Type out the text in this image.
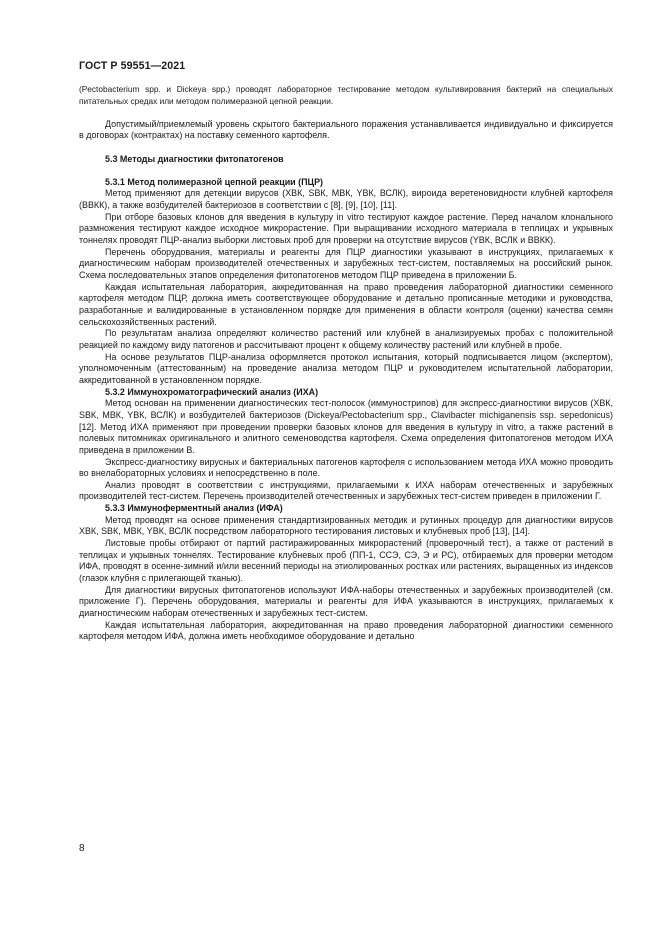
ГОСТ Р 59551—2021

(Pectobacterium spp. и Dickeya spp.) проводят лабораторное тестирование методом культивирования бактерий на специальных питательных средах или методом полимеразной цепной реакции.

Допустимый/приемлемый уровень скрытого бактериального поражения устанавливается индивидуально и фиксируется в договорах (контрактах) на поставку семенного картофеля.

5.3 Методы диагностики фитопатогенов

5.3.1 Метод полимеразной цепной реакции (ПЦР)

Метод применяют для детекции вирусов (ХВК, SВК, МВК, YВК, ВСЛК), вироида веретеновидности клубней картофеля (ВВКК), а также возбудителей бактериозов в соответствии с [8], [9], [10], [11].

При отборе базовых клонов для введения в культуру in vitro тестируют каждое растение. Перед началом клонального размножения тестируют каждое исходное микрорастение. При выращивании исходного материала в теплицах и укрывных тоннелях проводят ПЦР-анализ выборки листовых проб для проверки на отсутствие вирусов (YВК, ВСЛК и ВВКК).

Перечень оборудования, материалы и реагенты для ПЦР диагностики указывают в инструкциях, прилагаемых к диагностическим наборам производителей отечественных и зарубежных тест-систем, поставляемых на российский рынок. Схема последовательных этапов определения фитопатогенов методом ПЦР приведена в приложении Б.

Каждая испытательная лаборатория, аккредитованная на право проведения лабораторной диагностики семенного картофеля методом ПЦР, должна иметь соответствующее оборудование и детально прописанные методики и руководства, разработанные и валидированные в установленном порядке для применения в области контроля (оценки) качества семян сельскохозяйственных растений.

По результатам анализа определяют количество растений или клубней в анализируемых пробах с положительной реакцией по каждому виду патогенов и рассчитывают процент к общему количеству растений или клубней в пробе.

На основе результатов ПЦР-анализа оформляется протокол испытания, который подписывается лицом (экспертом), уполномоченным (аттестованным) на проведение анализа методом ПЦР и руководителем испытательной лаборатории, аккредитованной в установленном порядке.

5.3.2 Иммунохроматографический анализ (ИХА)

Метод основан на применении диагностических тест-полосок (иммунострипов) для экспресс-диагностики вирусов (ХВК, SВК, МВК, YВК, ВСЛК) и возбудителей бактериозов (Dickeya/Pectobacterium spp., Clavibacter michiganensis ssp. sepedonicus) [12]. Метод ИХА применяют при проведении проверки базовых клонов для введения в культуру in vitro, а также растений в полевых питомниках оригинального и элитного семеноводства картофеля. Схема определения фитопатогенов методом ИХА приведена в приложении В.

Экспресс-диагностику вирусных и бактериальных патогенов картофеля с использованием метода ИХА можно проводить во внелабораторных условиях и непосредственно в поле.

Анализ проводят в соответствии с инструкциями, прилагаемыми к ИХА наборам отечественных и зарубежных производителей тест-систем. Перечень производителей отечественных и зарубежных тест-систем приведен в приложении Г.

5.3.3 Иммуноферментный анализ (ИФА)

Метод проводят на основе применения стандартизированных методик и рутинных процедур для диагностики вирусов ХВК, SВК, МВК, YВК, ВСЛК посредством лабораторного тестирования листовых и клубневых проб [13], [14].

Листовые пробы отбирают от партий растиражированных микрорастений (проверочный тест), а также от растений в теплицах и укрывных тоннелях. Тестирование клубневых проб (ПП-1, ССЭ, СЭ, Э и РС), отбираемых для проверки методом ИФА, проводят в осенне-зимний и/или весенний периоды на этиолированных ростках или растениях, выращенных из индексов (глазок клубня с прилегающей тканью).

Для диагностики вирусных фитопатогенов используют ИФА-наборы отечественных и зарубежных производителей (см. приложение Г). Перечень оборудования, материалы и реагенты для ИФА указываются в инструкциях, прилагаемых к диагностическим наборам отечественных и зарубежных тест-систем.

Каждая испытательная лаборатория, аккредитованная на право проведения лабораторной диагностики семенного картофеля методом ИФА, должна иметь необходимое оборудование и детально

8
